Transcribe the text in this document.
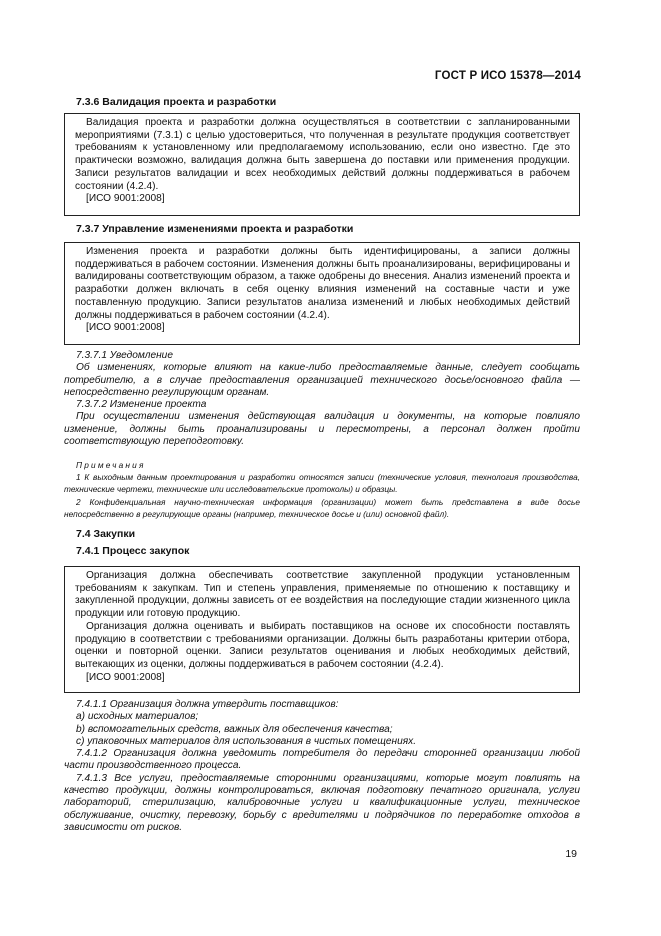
ГОСТ Р ИСО 15378—2014
7.3.6 Валидация проекта и разработки

Валидация проекта и разработки должна осуществляться в соответствии с запланированными мероприятиями (7.3.1) с целью удостовериться, что полученная в результате продукция соответствует требованиям к установленному или предполагаемому использованию, если оно известно. Где это практически возможно, валидация должна быть завершена до поставки или применения продукции. Записи результатов валидации и всех необходимых действий должны поддерживаться в рабочем состоянии (4.2.4).

[ИСО 9001:2008]

7.3.7 Управление изменениями проекта и разработки

Изменения проекта и разработки должны быть идентифицированы, а записи должны поддерживаться в рабочем состоянии. Изменения должны быть проанализированы, верифицированы и валидированы соответствующим образом, а также одобрены до внесения. Анализ изменений проекта и разработки должен включать в себя оценку влияния изменений на составные части и уже поставленную продукцию. Записи результатов анализа изменений и любых необходимых действий должны поддерживаться в рабочем состоянии (4.2.4).

[ИСО 9001:2008]

7.3.7.1 Уведомление

Об изменениях, которые влияют на какие-либо предоставляемые данные, следует сообщать потребителю, а в случае предоставления организацией технического досье/основного файла — непосредственно регулирующим органам.

7.3.7.2 Изменение проекта

При осуществлении изменения действующая валидация и документы, на которые повлияло изменение, должны быть проанализированы и пересмотрены, а персонал должен пройти соответствующую переподготовку.

Примечания

1 К выходным данным проектирования и разработки относятся записи (технические условия, технология производства, технические чертежи, технические или исследовательские протоколы) и образцы.

2 Конфиденциальная научно-техническая информация (организации) может быть представлена в виде досье непосредственно в регулирующие органы (например, техническое досье и (или) основной файл).

7.4 Закупки
7.4.1 Процесс закупок

Организация должна обеспечивать соответствие закупленной продукции установленным требованиям к закупкам. Тип и степень управления, применяемые по отношению к поставщику и закупленной продукции, должны зависеть от ее воздействия на последующие стадии жизненного цикла продукции или готовую продукцию.

Организация должна оценивать и выбирать поставщиков на основе их способности поставлять продукцию в соответствии с требованиями организации. Должны быть разработаны критерии отбора, оценки и повторной оценки. Записи результатов оценивания и любых необходимых действий, вытекающих из оценки, должны поддерживаться в рабочем состоянии (4.2.4).

[ИСО 9001:2008]

7.4.1.1 Организация должна утвердить поставщиков:

a) исходных материалов;

b) вспомогательных средств, важных для обеспечения качества;

c) упаковочных материалов для использования в чистых помещениях.

7.4.1.2 Организация должна уведомить потребителя до передачи сторонней организации любой части производственного процесса.

7.4.1.3 Все услуги, предоставляемые сторонними организациями, которые могут повлиять на качество продукции, должны контролироваться, включая подготовку печатного оригинала, услуги лабораторий, стерилизацию, калибровочные услуги и квалификационные услуги, техническое обслуживание, очистку, перевозку, борьбу с вредителями и подрядчиков по переработке отходов в зависимости от рисков.

19
